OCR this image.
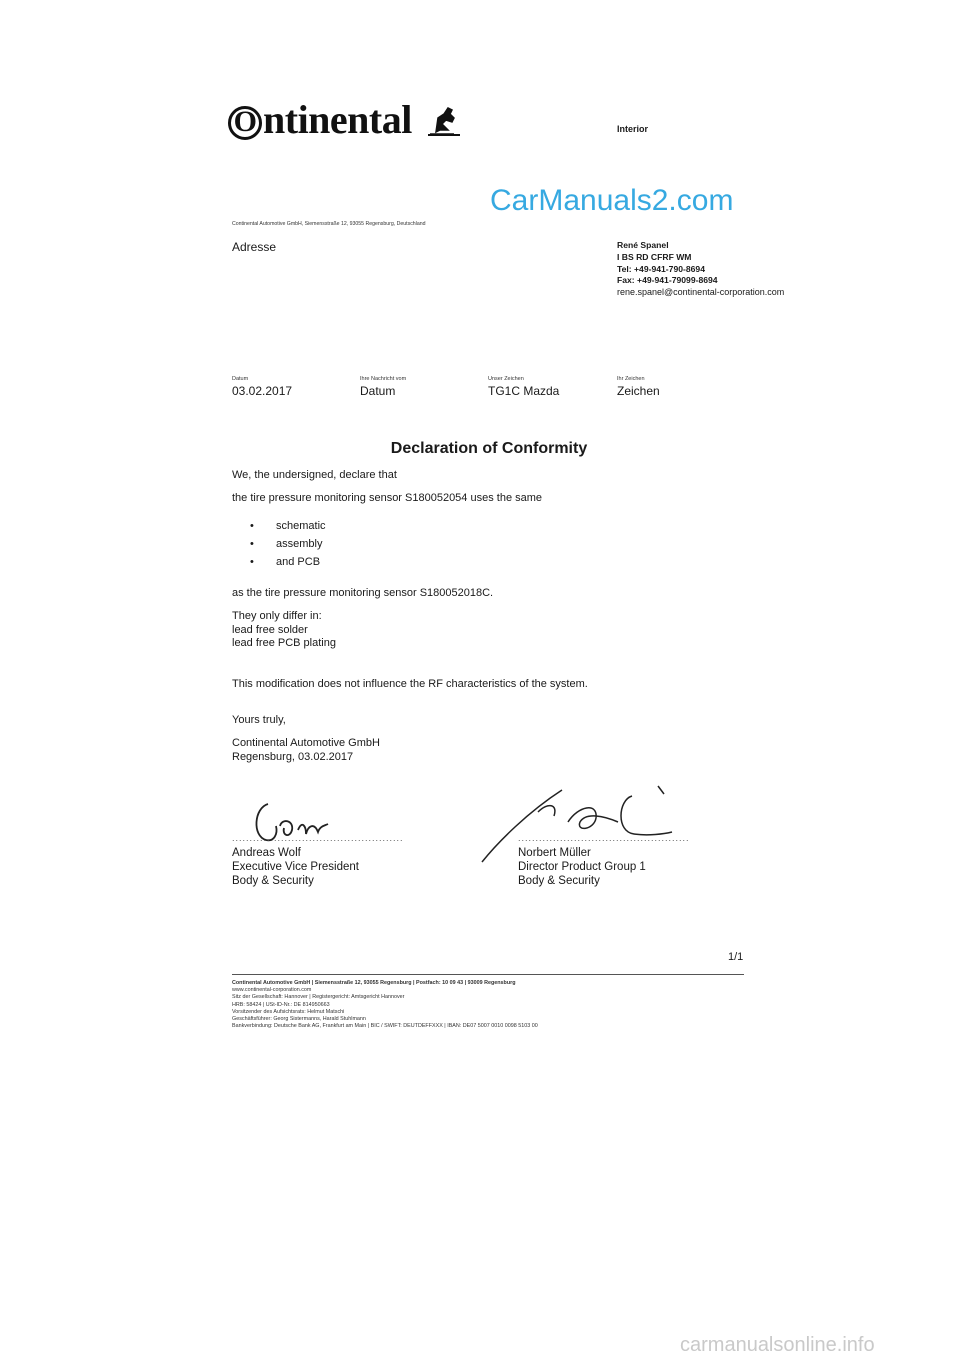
O ntinental	Interior
CarManuals2.com
Continental Automotive GmbH, Siemensstraße 12, 93055 Regensburg, Deutschland
Adresse	René Spanel
I BS RD CFRF WM
Tel: +49-941-790-8694
Fax: +49-941-79099-8694
rene.spanel@continental-corporation.com
Datum
03.02.2017
Ihre Nachricht vom
Datum
Unser Zeichen
TG1C Mazda
Ihr Zeichen
Zeichen
Declaration of Conformity
We, the undersigned, declare that
the tire pressure monitoring sensor S180052054 uses the same
• schematic
• assembly
• and PCB
as the tire pressure monitoring sensor S180052018C.
They only differ in:
lead free solder
lead free PCB plating
This modification does not influence the RF characteristics of the system.
Yours truly,
Continental Automotive GmbH
Regensburg, 03.02.2017
.................................................
Andreas Wolf
Executive Vice President
Body & Security
.................................................
Norbert Müller
Director Product Group 1
Body & Security
1/1
Continental Automotive GmbH | Siemensstraße 12, 93055 Regensburg | Postfach: 10 09 43 | 93009 Regensburg
www.continental-corporation.com
Sitz der Gesellschaft: Hannover | Registergericht: Amtsgericht Hannover
HRB: 58424 | USt-ID-Nr.: DE 814950663
Vorsitzender des Aufsichtsrats: Helmut Matschi
Geschäftsführer: Georg Sistermanns, Harald Stuhlmann
Bankverbindung: Deutsche Bank AG, Frankfurt am Main | BIC / SWIFT: DEUTDEFFXXX | IBAN: DE07 5007 0010 0098 5103 00
carmanualsonline.info
